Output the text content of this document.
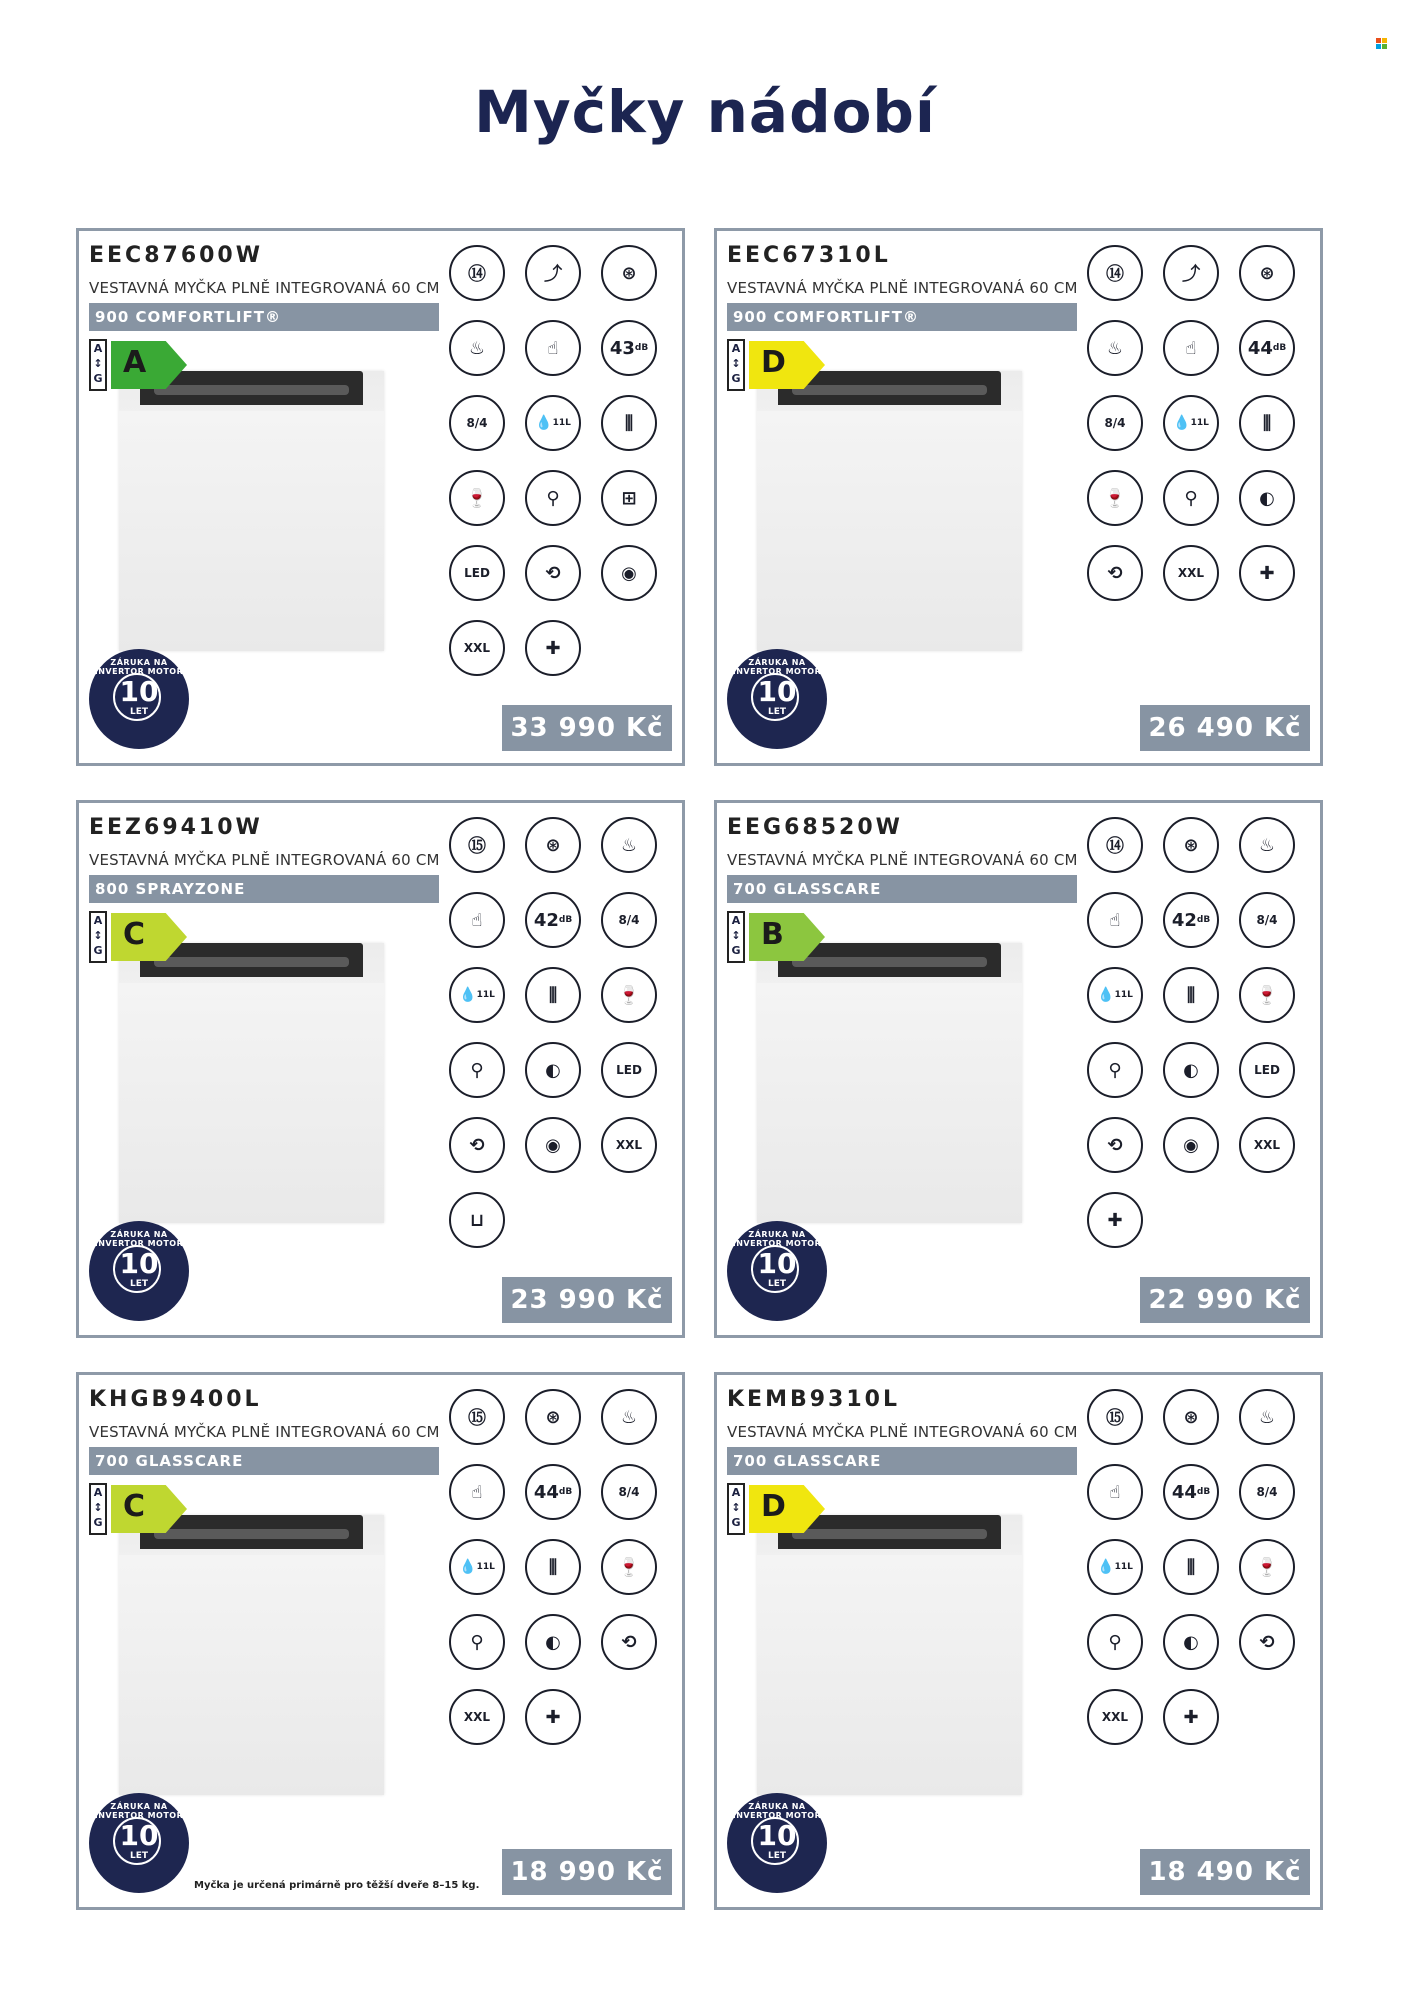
Myčky nádobí
EEC87600W
VESTAVNÁ MYČKA PLNĚ INTEGROVANÁ 60 CM
900 COMFORTLIFT®
A
↕
G A
⑭	⤴	⊛
♨	☝	43 dB
8/4	💧 11L	⫼
🍷	⚲	⊞
LED	⟲	◉
XXL	✚
ZÁRUKA NA INVERTOR MOTOR
10
LET
33 990 Kč
EEC67310L
VESTAVNÁ MYČKA PLNĚ INTEGROVANÁ 60 CM
900 COMFORTLIFT®
A
↕
G D
⑭	⤴	⊛
♨	☝	44 dB
8/4	💧 11L	⫼
🍷	⚲	◐
⟲	XXL	✚
ZÁRUKA NA INVERTOR MOTOR
10
LET
26 490 Kč
EEZ69410W
VESTAVNÁ MYČKA PLNĚ INTEGROVANÁ 60 CM
800 SPRAYZONE
A
↕
G C
⑮	⊛	♨
☝	42 dB	8/4
💧 11L	⫼	🍷
⚲	◐	LED
⟲	◉	XXL
⊔
ZÁRUKA NA INVERTOR MOTOR
10
LET
23 990 Kč
EEG68520W
VESTAVNÁ MYČKA PLNĚ INTEGROVANÁ 60 CM
700 GLASSCARE
A
↕
G B
⑭	⊛	♨
☝	42 dB	8/4
💧 11L	⫼	🍷
⚲	◐	LED
⟲	◉	XXL
✚
ZÁRUKA NA INVERTOR MOTOR
10
LET
22 990 Kč
KHGB9400L
VESTAVNÁ MYČKA PLNĚ INTEGROVANÁ 60 CM
700 GLASSCARE
A
↕
G C
⑮	⊛	♨
☝	44 dB	8/4
💧 11L	⫼	🍷
⚲	◐	⟲
XXL	✚
ZÁRUKA NA INVERTOR MOTOR
10
LET
Myčka je určená primárně pro těžší dveře 8–15 kg.	18 990 Kč
KEMB9310L
VESTAVNÁ MYČKA PLNĚ INTEGROVANÁ 60 CM
700 GLASSCARE
A
↕
G D
⑮	⊛	♨
☝	44 dB	8/4
💧 11L	⫼	🍷
⚲	◐	⟲
XXL	✚
ZÁRUKA NA INVERTOR MOTOR
10
LET
18 490 Kč
